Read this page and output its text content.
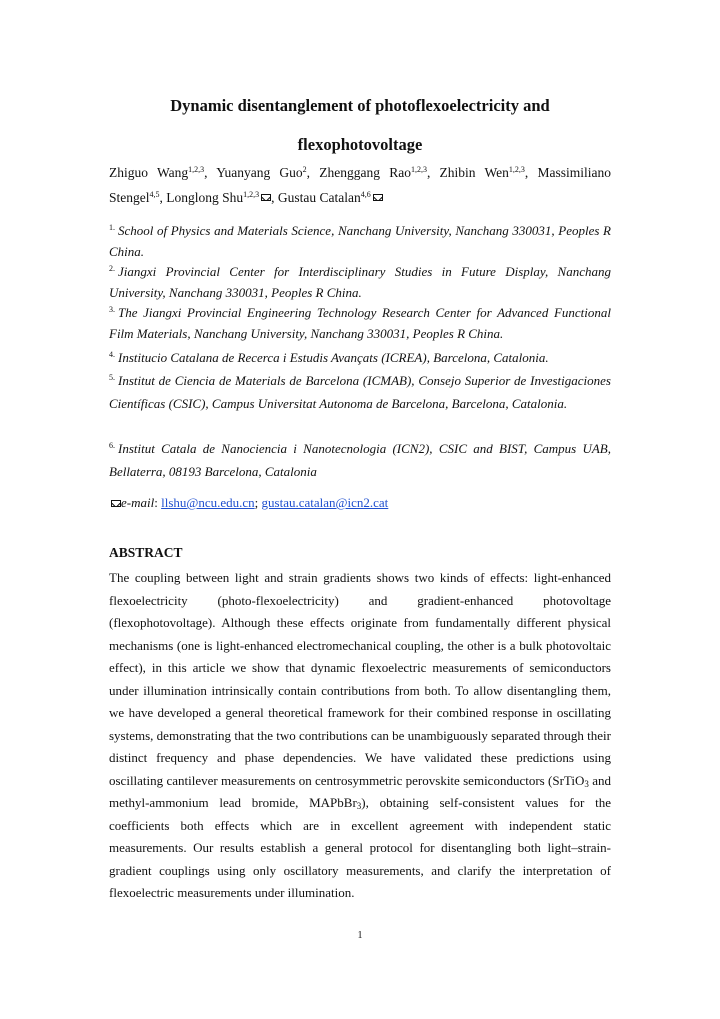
Dynamic disentanglement of photoflexoelectricity and
flexophotovoltage
Zhiguo Wang$^{1,2,3}$, Yuanyang Guo$^2$, Zhenggang Rao$^{1,2,3}$, Zhibin Wen$^{1,2,3}$, Massimiliano Stengel$^{4,5}$, Longlong Shu$^{1,2,3}$ , Gustau Catalan$^{4,6}$
$^{1.}$ School of Physics and Materials Science, Nanchang University, Nanchang 330031, Peoples R China.
$^{2.}$ Jiangxi Provincial Center for Interdisciplinary Studies in Future Display, Nanchang University, Nanchang 330031, Peoples R China.
$^{3.}$ The Jiangxi Provincial Engineering Technology Research Center for Advanced Functional Film Materials, Nanchang University, Nanchang 330031, Peoples R China.
$^{4.}$ Institucio Catalana de Recerca i Estudis Avançats (ICREA), Barcelona, Catalonia.
$^{5.}$ Institut de Ciencia de Materials de Barcelona (ICMAB), Consejo Superior de Investigaciones Científicas (CSIC), Campus Universitat Autonoma de Barcelona, Barcelona, Catalonia.
$^{6.}$ Institut Catala de Nanociencia i Nanotecnologia (ICN2), CSIC and BIST, Campus UAB, Bellaterra, 08193 Barcelona, Catalonia
e-mail: llshu@ncu.edu.cn; gustau.catalan@icn2.cat
ABSTRACT
The coupling between light and strain gradients shows two kinds of effects: light-enhanced flexoelectricity (photo-flexoelectricity) and gradient-enhanced photovoltage (flexophotovoltage). Although these effects originate from fundamentally different physical mechanisms (one is light-enhanced electromechanical coupling, the other is a bulk photovoltaic effect), in this article we show that dynamic flexoelectric measurements of semiconductors under illumination intrinsically contain contributions from both. To allow disentangling them, we have developed a general theoretical framework for their combined response in oscillating systems, demonstrating that the two contributions can be unambiguously separated through their distinct frequency and phase dependencies. We have validated these predictions using oscillating cantilever measurements on centrosymmetric perovskite semiconductors (SrTiO$_3$ and methyl-ammonium lead bromide, MAPbBr$_3$), obtaining self-consistent values for the coefficients both effects which are in excellent agreement with independent static measurements. Our results establish a general protocol for disentangling both light–strain-gradient couplings using only oscillatory measurements, and clarify the interpretation of flexoelectric measurements under illumination.
1
